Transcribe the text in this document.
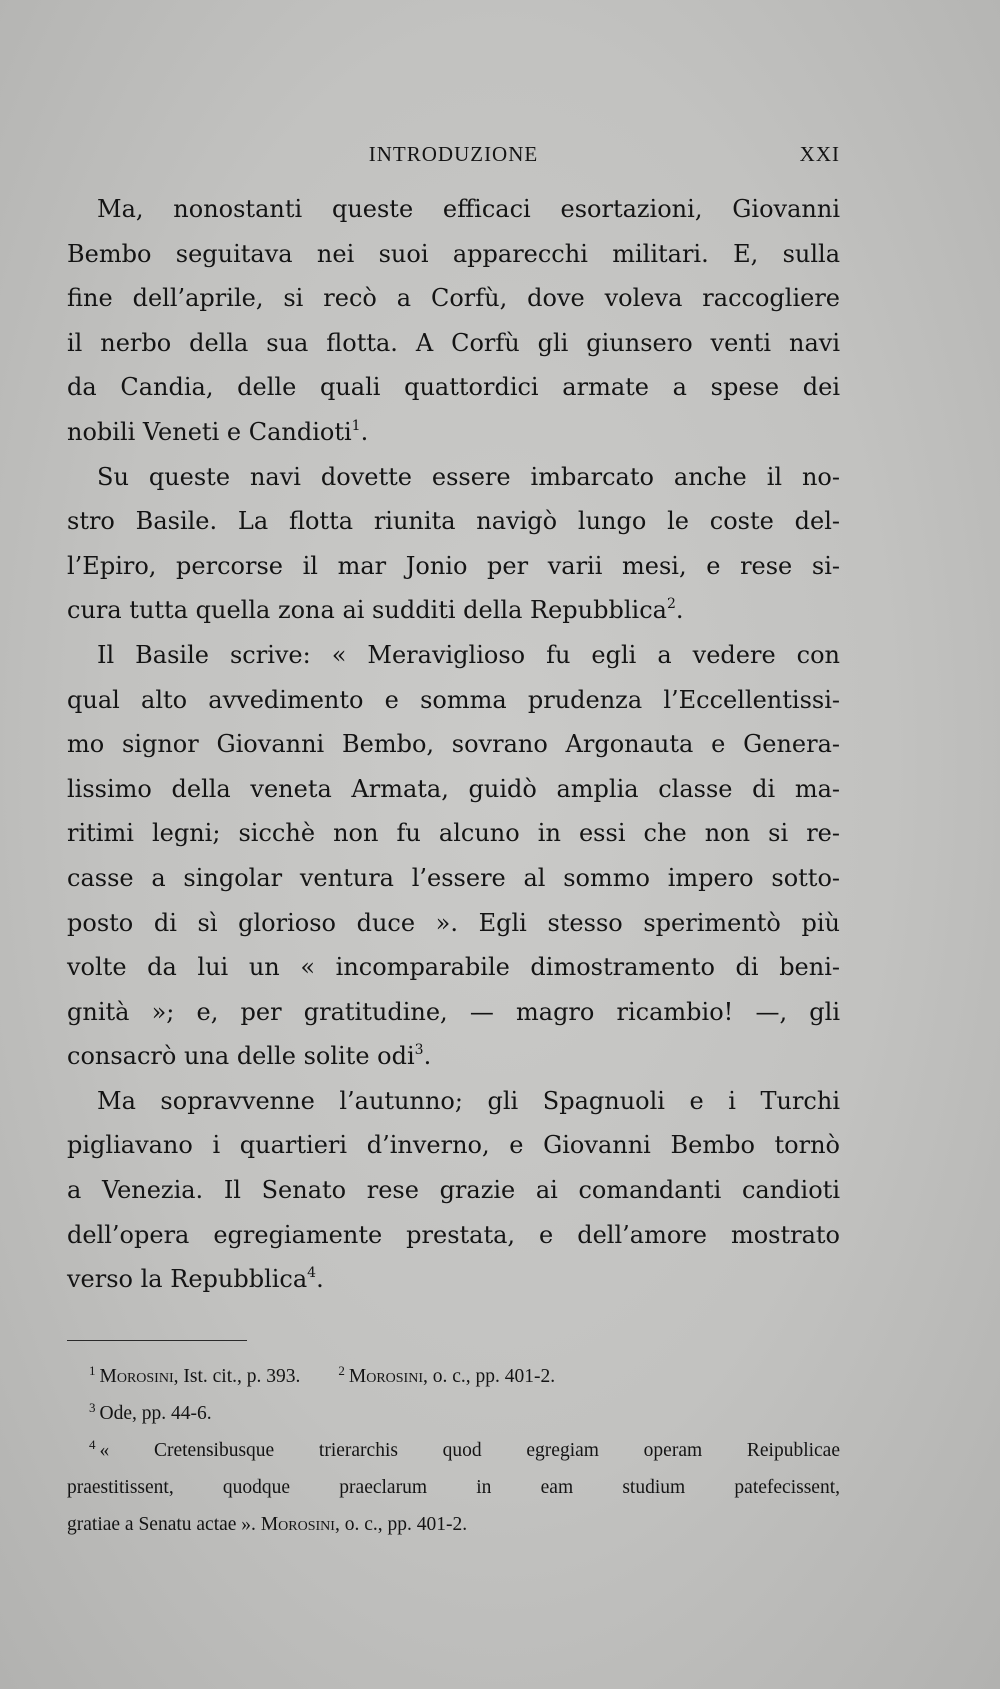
INTRODUZIONE	XXI
Ma, nonostanti queste efficaci esortazioni, Giovanni
Bembo seguitava nei suoi apparecchi militari. E, sulla
fine dell’aprile, si recò a Corfù, dove voleva raccogliere
il nerbo della sua flotta. A Corfù gli giunsero venti navi
da Candia, delle quali quattordici armate a spese dei
nobili Veneti e Candioti$^1$.
Su queste navi dovette essere imbarcato anche il no-
stro Basile. La flotta riunita navigò lungo le coste del-
l’Epiro, percorse il mar Jonio per varii mesi, e rese si-
cura tutta quella zona ai sudditi della Repubblica$^2$.
Il Basile scrive: « Meraviglioso fu egli a vedere con
qual alto avvedimento e somma prudenza l’Eccellentissi-
mo signor Giovanni Bembo, sovrano Argonauta e Genera-
lissimo della veneta Armata, guidò amplia classe di ma-
ritimi legni; sicchè non fu alcuno in essi che non si re-
casse a singolar ventura l’essere al sommo impero sotto-
posto di sì glorioso duce ». Egli stesso sperimentò più
volte da lui un « incomparabile dimostramento di beni-
gnità »; e, per gratitudine, — magro ricambio! —, gli
consacrò una delle solite odi$^3$.
Ma sopravvenne l’autunno; gli Spagnuoli e i Turchi
pigliavano i quartieri d’inverno, e Giovanni Bembo tornò
a Venezia. Il Senato rese grazie ai comandanti candioti
dell’opera egregiamente prestata, e dell’amore mostrato
verso la Repubblica$^4$.
$^1$ Morosini, Ist. cit., p. 393.	$^2$ Morosini, o. c., pp. 401-2.
$^3$ Ode, pp. 44-6.
$^4$ « Cretensibusque trierarchis quod egregiam operam Reipublicae
praestitissent, quodque praeclarum in eam studium patefecissent,
gratiae a Senatu actae ». Morosini, o. c., pp. 401-2.
